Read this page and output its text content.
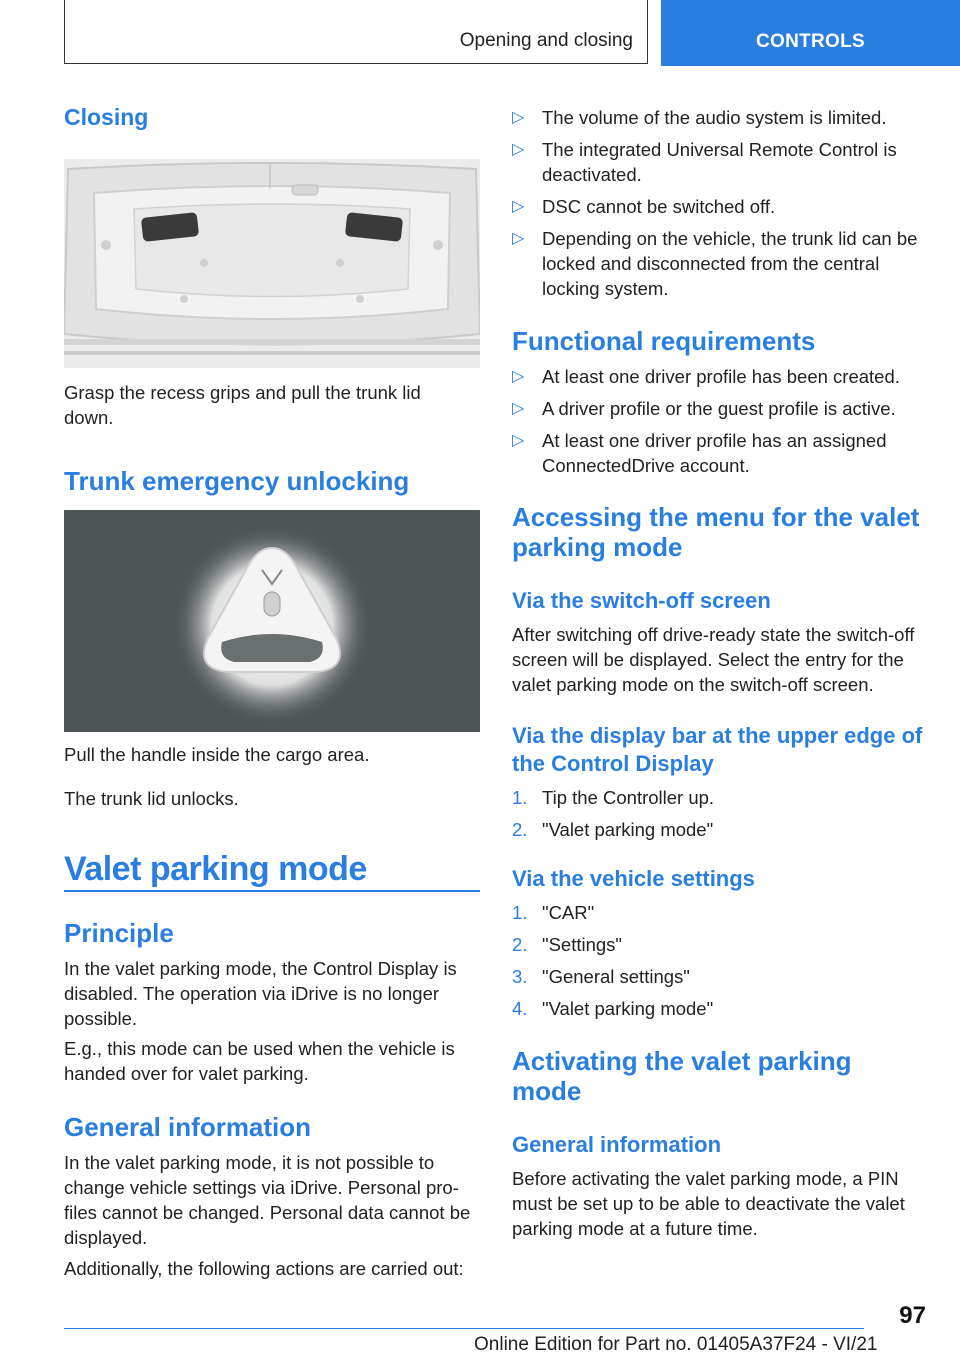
Opening and closing	CONTROLS
Closing

Grasp the recess grips and pull the trunk lid down.

Trunk emergency unlocking

Pull the handle inside the cargo area.

The trunk lid unlocks.

Valet parking mode
Principle

In the valet parking mode, the Control Display is disabled. The operation via iDrive is no longer possible.

E.g., this mode can be used when the vehicle is handed over for valet parking.

General information

In the valet parking mode, it is not possible to change vehicle settings via iDrive. Personal pro-files cannot be changed. Personal data cannot be displayed.

Additionally, the following actions are carried out:

▷ The volume of the audio system is limited.
▷ The integrated Universal Remote Control is deactivated.
▷ DSC cannot be switched off.
▷ Depending on the vehicle, the trunk lid can be locked and disconnected from the central locking system.
Functional requirements
▷ At least one driver profile has been created.
▷ A driver profile or the guest profile is active.
▷ At least one driver profile has an assigned ConnectedDrive account.
Accessing the menu for the valet parking mode
Via the switch-off screen

After switching off drive-ready state the switch-off screen will be displayed. Select the entry for the valet parking mode on the switch-off screen.

Via the display bar at the upper edge of the Control Display
1. Tip the Controller up.
2. "Valet parking mode"
Via the vehicle settings
1. "CAR"
2. "Settings"
3. "General settings"
4. "Valet parking mode"
Activating the valet parking mode
General information

Before activating the valet parking mode, a PIN must be set up to be able to deactivate the valet parking mode at a future time.

97
Online Edition for Part no. 01405A37F24 - VI/21
